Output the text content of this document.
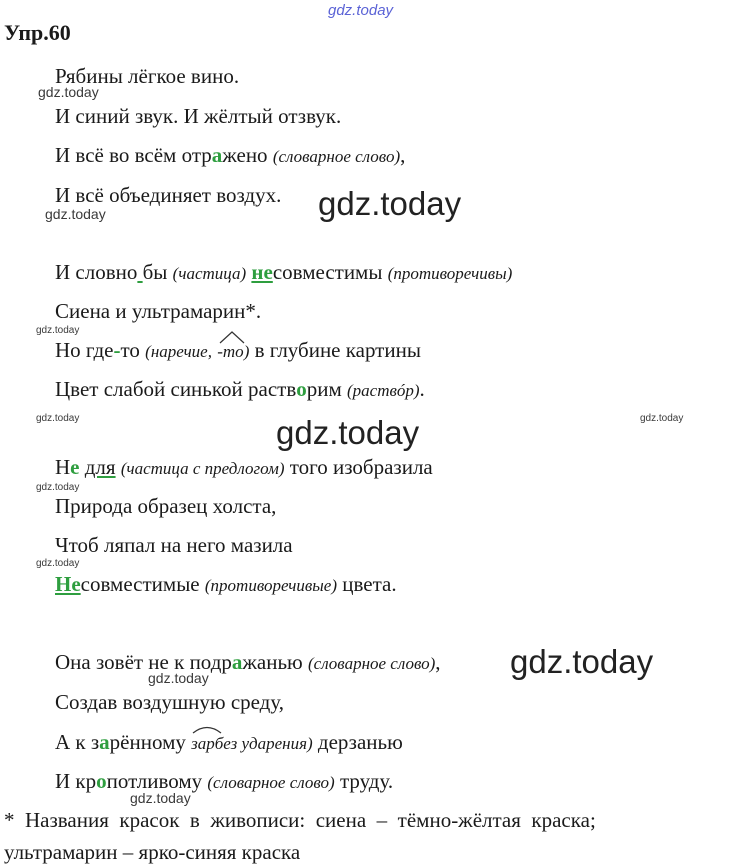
Упр.60
gdz.today
gdz.today
gdz.today
gdz.today
gdz.today
gdz.today	gdz.today
gdz.today
gdz.today
gdz.today
gdz.today
gdz.today
gdz.today
Рябины лёгкое вино.
И синий звук. И жёлтый отзвук.
И всё во всём отражено (словарное слово),
И всё объединяет воздух.
И словно бы (частица) несовместимы (противоречивы)
Сиена и ультрамарин*.
Но где-то (наречие, -то) в глубине картины
Цвет слабой синькой растворим (раствóр).
Не для (частица с предлогом) того изобразила
Природа образец холста,
Чтоб ляпал на него мазила
Несовместимые (противоречивые) цвета.
Она зовёт не к подражанью (словарное слово),
Создав воздушную среду,
А к зарённому зарбез ударения) дерзанью
И кропотливому (словарное слово) труду.
*  Названия  красок  в  живописи:  сиена  –  тёмно-жёлтая  краска;
ультрамарин – ярко-синяя краска
